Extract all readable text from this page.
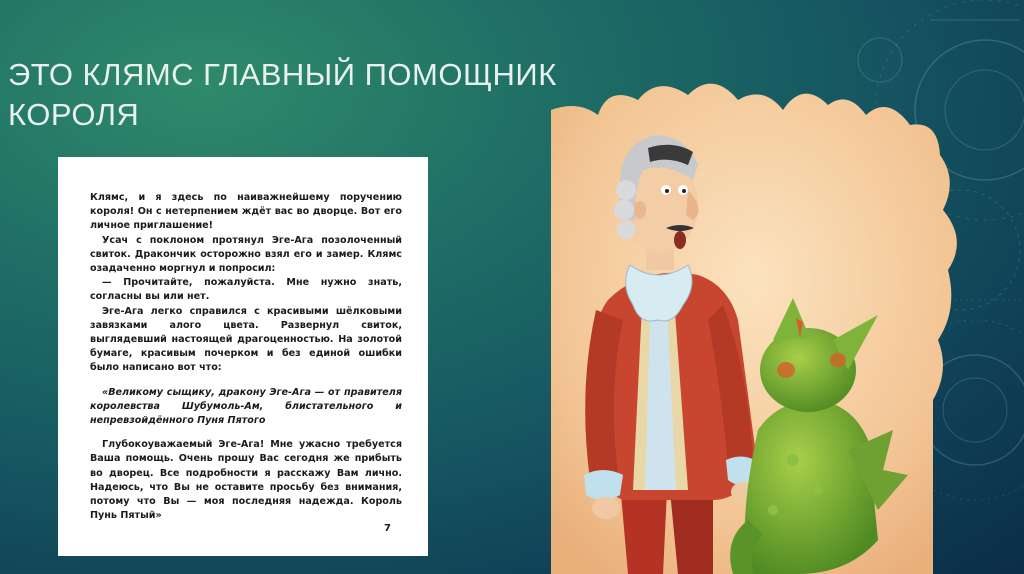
ЭТО КЛЯМС ГЛАВНЫЙ ПОМОЩНИК КОРОЛЯ

Клямс, и я здесь по наиважнейшему поручению короля! Он с нетерпением ждёт вас во дворце. Вот его личное приглашение!

Усач с поклоном протянул Эге-Ага позолоченный свиток. Дракончик осторожно взял его и замер. Клямс озадаченно моргнул и попросил:

— Прочитайте, пожалуйста. Мне нужно знать, согласны вы или нет.

Эге-Ага легко справился с красивыми шёлковыми завязками алого цвета. Развернул свиток, выглядевший настоящей драгоценностью. На золотой бумаге, красивым почерком и без единой ошибки было написано вот что:

«Великому сыщику, дракону Эге-Ага — от правителя королевства Шубумоль-Ам, блистательного и непревзойдённого Пуня Пятого

Глубокоуважаемый Эге-Ага! Мне ужасно требуется Ваша помощь. Очень прошу Вас сегодня же прибыть во дворец. Все подробности я расскажу Вам лично. Надеюсь, что Вы не оставите просьбу без внимания, потому что Вы — моя последняя надежда. Король Пунь Пятый»

7
